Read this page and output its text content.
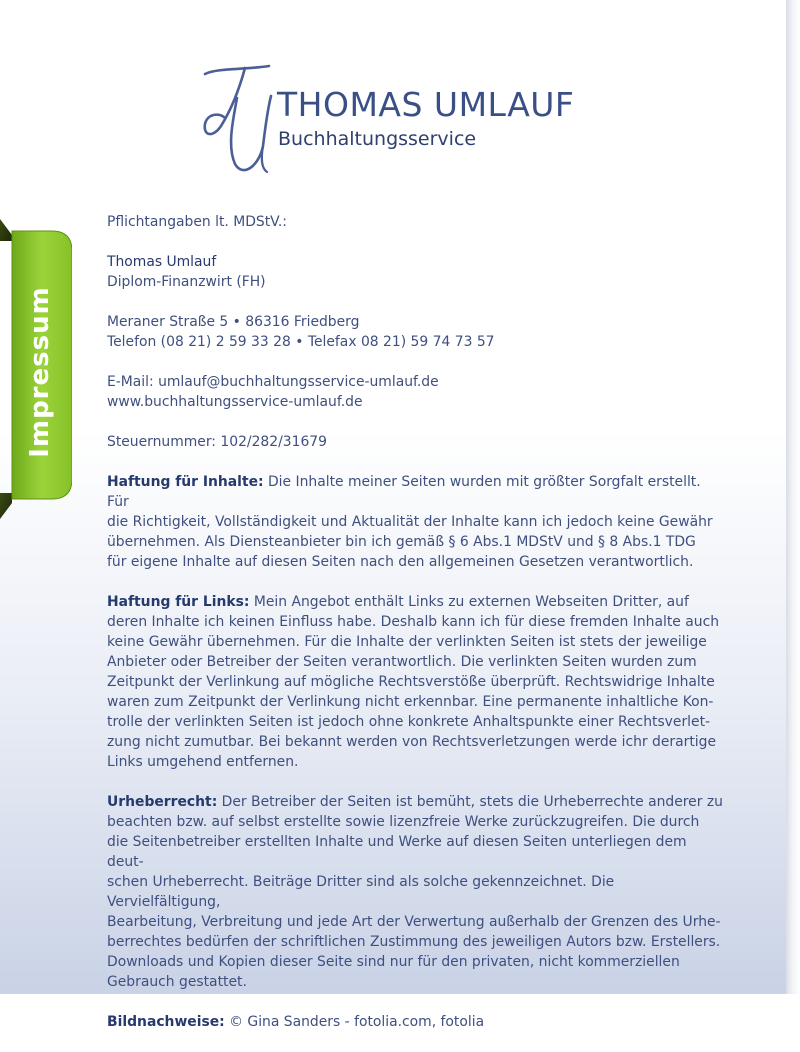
THOMAS UMLAUF
Buchhaltungsservice
Impressum

Pflichtangaben lt. MDStV.:

Thomas Umlauf
Diplom-Finanzwirt (FH)

Meraner Straße 5 • 86316 Friedberg
Telefon (08 21) 2 59 33 28 • Telefax 08 21) 59 74 73 57

E-Mail: umlauf@buchhaltungsservice-umlauf.de
www.buchhaltungsservice-umlauf.de

Steuernummer: 102/282/31679

Haftung für Inhalte: Die Inhalte meiner Seiten wurden mit größter Sorgfalt erstellt. Für
die Richtigkeit, Vollständigkeit und Aktualität der Inhalte kann ich jedoch keine Gewähr
übernehmen. Als Diensteanbieter bin ich gemäß § 6 Abs.1 MDStV und § 8 Abs.1 TDG
für eigene Inhalte auf diesen Seiten nach den allgemeinen Gesetzen verantwortlich.

Haftung für Links: Mein Angebot enthält Links zu externen Webseiten Dritter, auf
deren Inhalte ich keinen Einfluss habe. Deshalb kann ich für diese fremden Inhalte auch
keine Gewähr übernehmen. Für die Inhalte der verlinkten Seiten ist stets der jeweilige
Anbieter oder Betreiber der Seiten verantwortlich. Die verlinkten Seiten wurden zum
Zeitpunkt der Verlinkung auf mögliche Rechtsverstöße überprüft. Rechtswidrige Inhalte
waren zum Zeitpunkt der Verlinkung nicht erkennbar. Eine permanente inhaltliche Kon-
trolle der verlinkten Seiten ist jedoch ohne konkrete Anhaltspunkte einer Rechtsverlet-
zung nicht zumutbar. Bei bekannt werden von Rechtsverletzungen werde ichr derartige
Links umgehend entfernen.

Urheberrecht: Der Betreiber der Seiten ist bemüht, stets die Urheberrechte anderer zu
beachten bzw. auf selbst erstellte sowie lizenzfreie Werke zurückzugreifen. Die durch
die Seitenbetreiber erstellten Inhalte und Werke auf diesen Seiten unterliegen dem deut-
schen Urheberrecht. Beiträge Dritter sind als solche gekennzeichnet. Die Vervielfältigung,
Bearbeitung, Verbreitung und jede Art der Verwertung außerhalb der Grenzen des Urhe-
berrechtes bedürfen der schriftlichen Zustimmung des jeweiligen Autors bzw. Erstellers.
Downloads und Kopien dieser Seite sind nur für den privaten, nicht kommerziellen
Gebrauch gestattet.

Bildnachweise: © Gina Sanders - fotolia.com, fotolia
